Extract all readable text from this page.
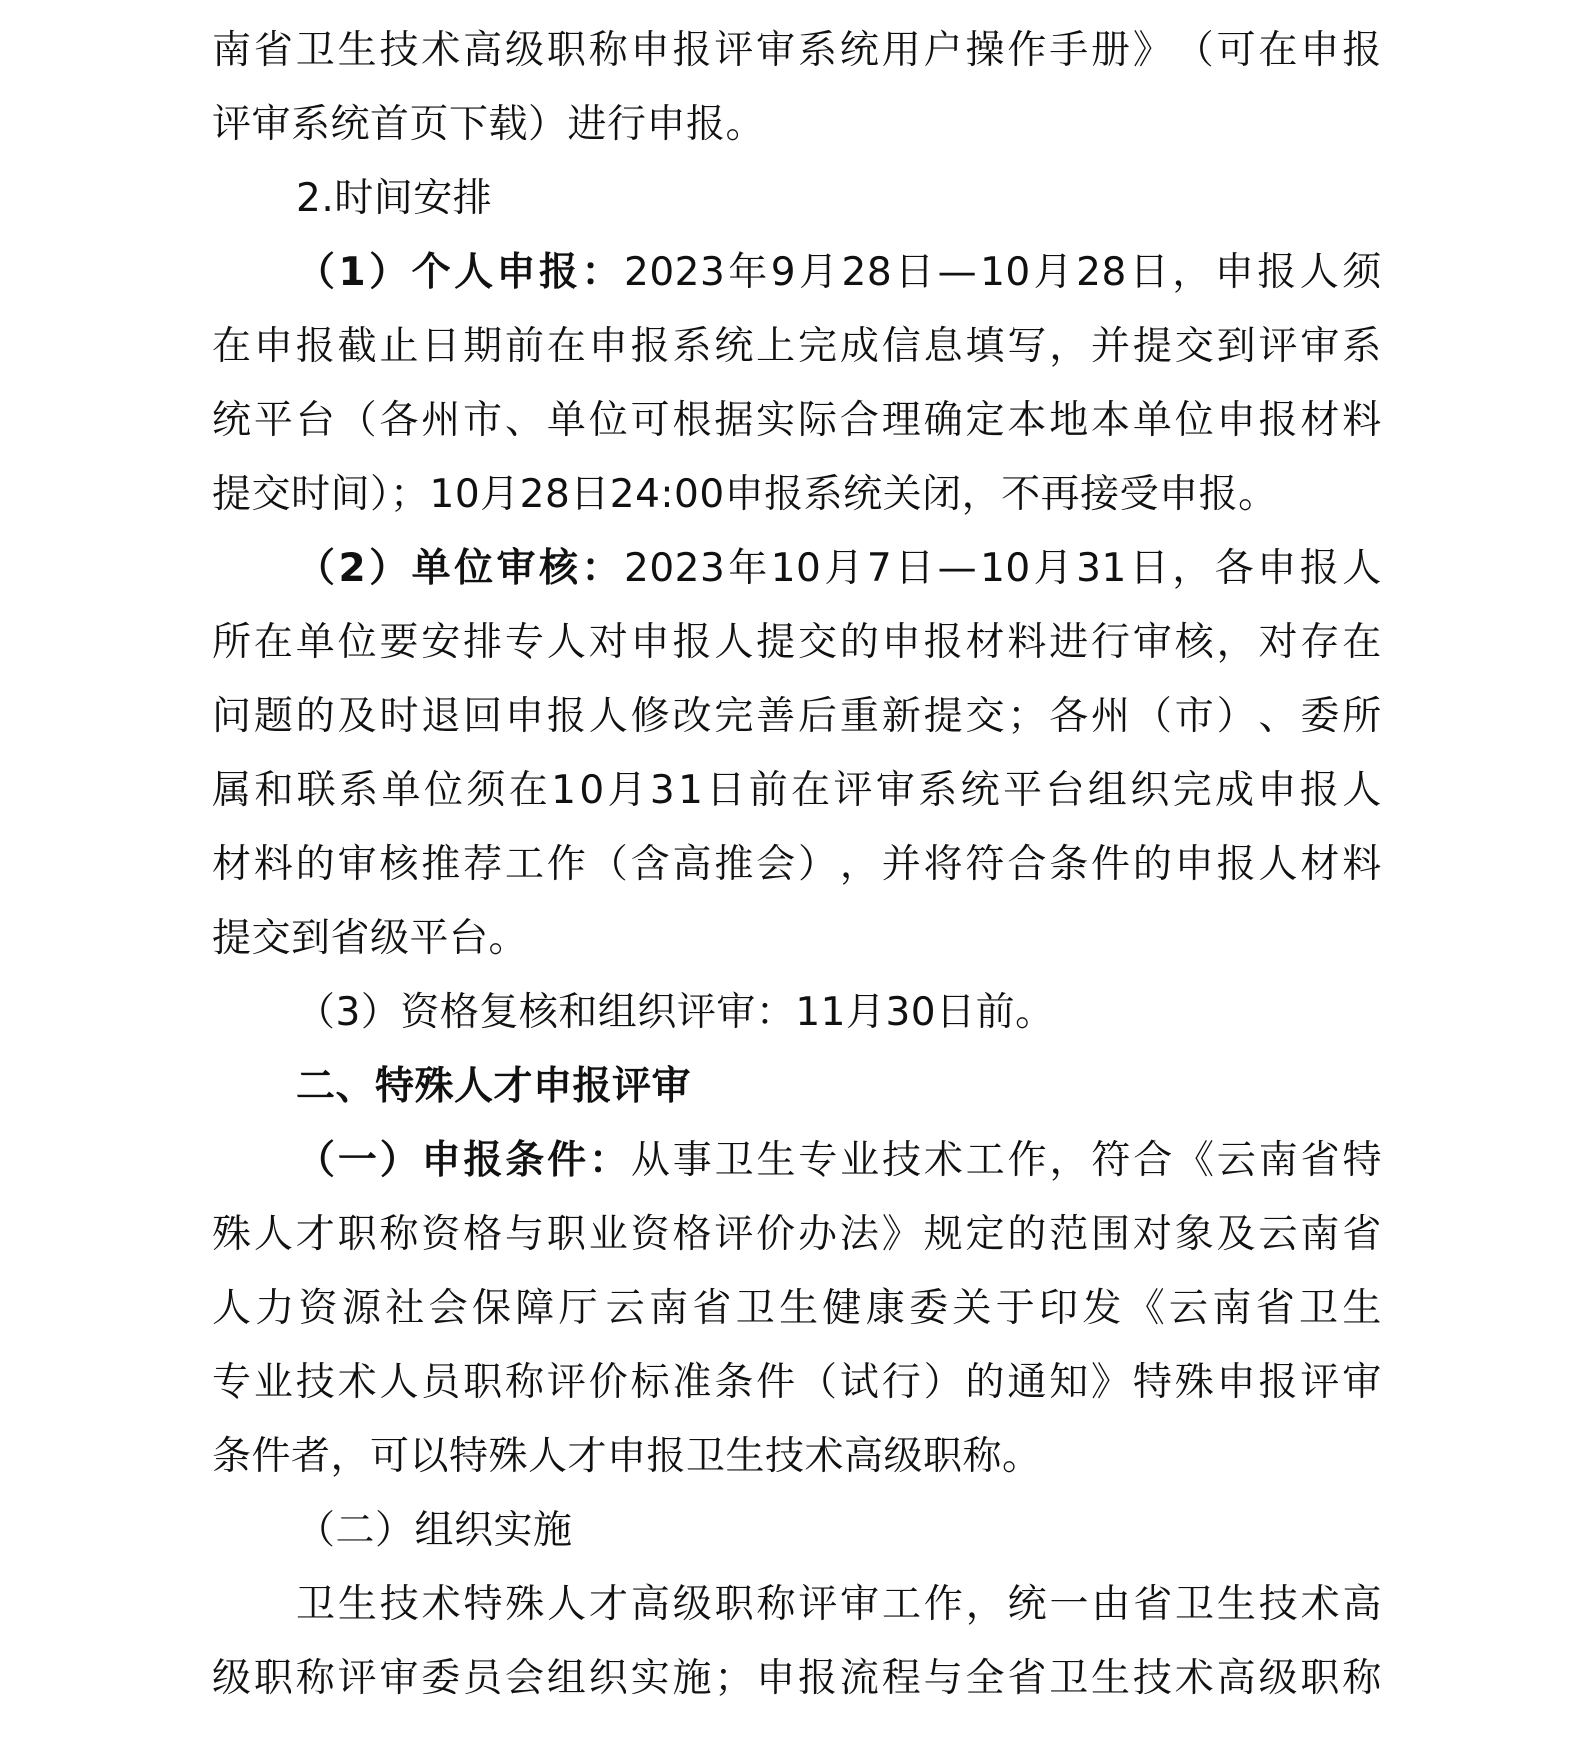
南 省 卫 生 技 术 高 级 职 称 申 报 评 审 系 统 用 户 操 作 手 册 》 （ 可 在 申 报
评审系统首页下载）进行申报。
2.时间安排
（ 1 ） 个 人 申 报 ： 2023 年 9 月 28 日 — 10 月 28 日 ， 申 报 人 须
在 申 报 截 止 日 期 前 在 申 报 系 统 上 完 成 信 息 填 写 ， 并 提 交 到 评 审 系
统 平 台 （ 各 州 市 、 单 位 可 根 据 实 际 合 理 确 定 本 地 本 单 位 申 报 材 料
提交时间）；10月28日24:00申报系统关闭，不再接受申报。
（ 2 ） 单 位 审 核 ： 2023 年 10 月 7 日 — 10 月 31 日 ， 各 申 报 人
所 在 单 位 要 安 排 专 人 对 申 报 人 提 交 的 申 报 材 料 进 行 审 核 ， 对 存 在
问 题 的 及 时 退 回 申 报 人 修 改 完 善 后 重 新 提 交 ； 各 州 （ 市 ） 、 委 所
属 和 联 系 单 位 须 在 1 0 月 3 1 日 前 在 评 审 系 统 平 台 组 织 完 成 申 报 人
材 料 的 审 核 推 荐 工 作 （ 含 高 推 会 ） ， 并 将 符 合 条 件 的 申 报 人 材 料
提交到省级平台。
（3）资格复核和组织评审：11月30日前。
二、特殊人才申报评审
（ 一 ） 申 报 条 件 ： 从 事 卫 生 专 业 技 术 工 作 ， 符 合 《 云 南 省 特
殊 人 才 职 称 资 格 与 职 业 资 格 评 价 办 法 》 规 定 的 范 围 对 象 及 云 南 省
人 力 资 源 社 会 保 障 厅 云 南 省 卫 生 健 康 委 关 于 印 发 《 云 南 省 卫 生
专 业 技 术 人 员 职 称 评 价 标 准 条 件 （ 试 行 ） 的 通 知 》 特 殊 申 报 评 审
条件者，可以特殊人才申报卫生技术高级职称。
（二）组织实施
卫 生 技 术 特 殊 人 才 高 级 职 称 评 审 工 作 ， 统 一 由 省 卫 生 技 术 高
级 职 称 评 审 委 员 会 组 织 实 施 ； 申 报 流 程 与 全 省 卫 生 技 术 高 级 职 称
